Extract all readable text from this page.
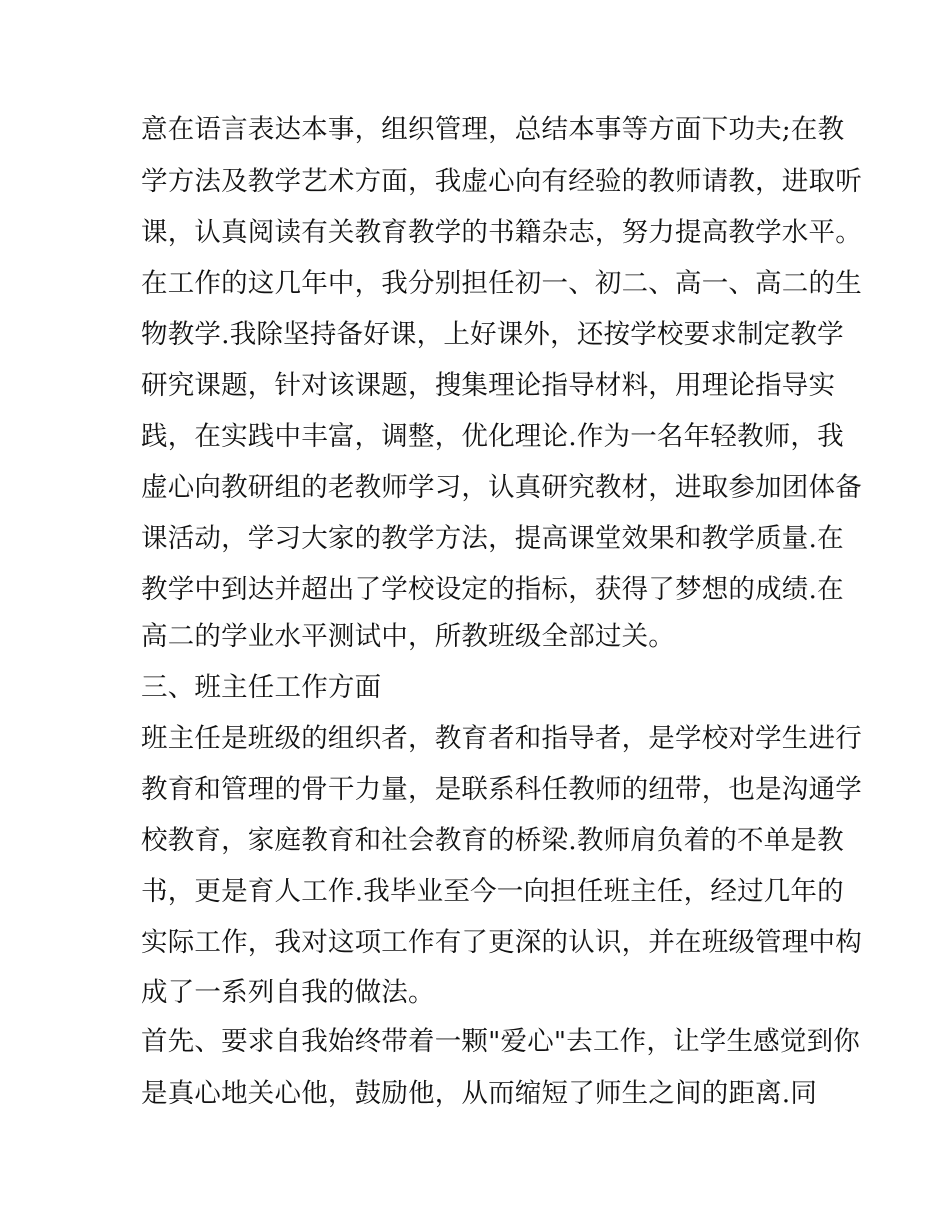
意在语言表达本事，组织管理，总结本事等方面下功夫;在教
学方法及教学艺术方面，我虚心向有经验的教师请教，进取听
课，认真阅读有关教育教学的书籍杂志，努力提高教学水平。
在工作的这几年中，我分别担任初一、初二、高一、高二的生
物教学.我除坚持备好课，上好课外，还按学校要求制定教学
研究课题，针对该课题，搜集理论指导材料，用理论指导实
践，在实践中丰富，调整，优化理论.作为一名年轻教师，我
虚心向教研组的老教师学习，认真研究教材，进取参加团体备
课活动，学习大家的教学方法，提高课堂效果和教学质量.在
教学中到达并超出了学校设定的指标，获得了梦想的成绩.在
高二的学业水平测试中，所教班级全部过关。
三、班主任工作方面
班主任是班级的组织者，教育者和指导者，是学校对学生进行
教育和管理的骨干力量，是联系科任教师的纽带，也是沟通学
校教育，家庭教育和社会教育的桥梁.教师肩负着的不单是教
书，更是育人工作.我毕业至今一向担任班主任，经过几年的
实际工作，我对这项工作有了更深的认识，并在班级管理中构
成了一系列自我的做法。
首先、要求自我始终带着一颗"爱心"去工作，让学生感觉到你
是真心地关心他，鼓励他，从而缩短了师生之间的距离.同
